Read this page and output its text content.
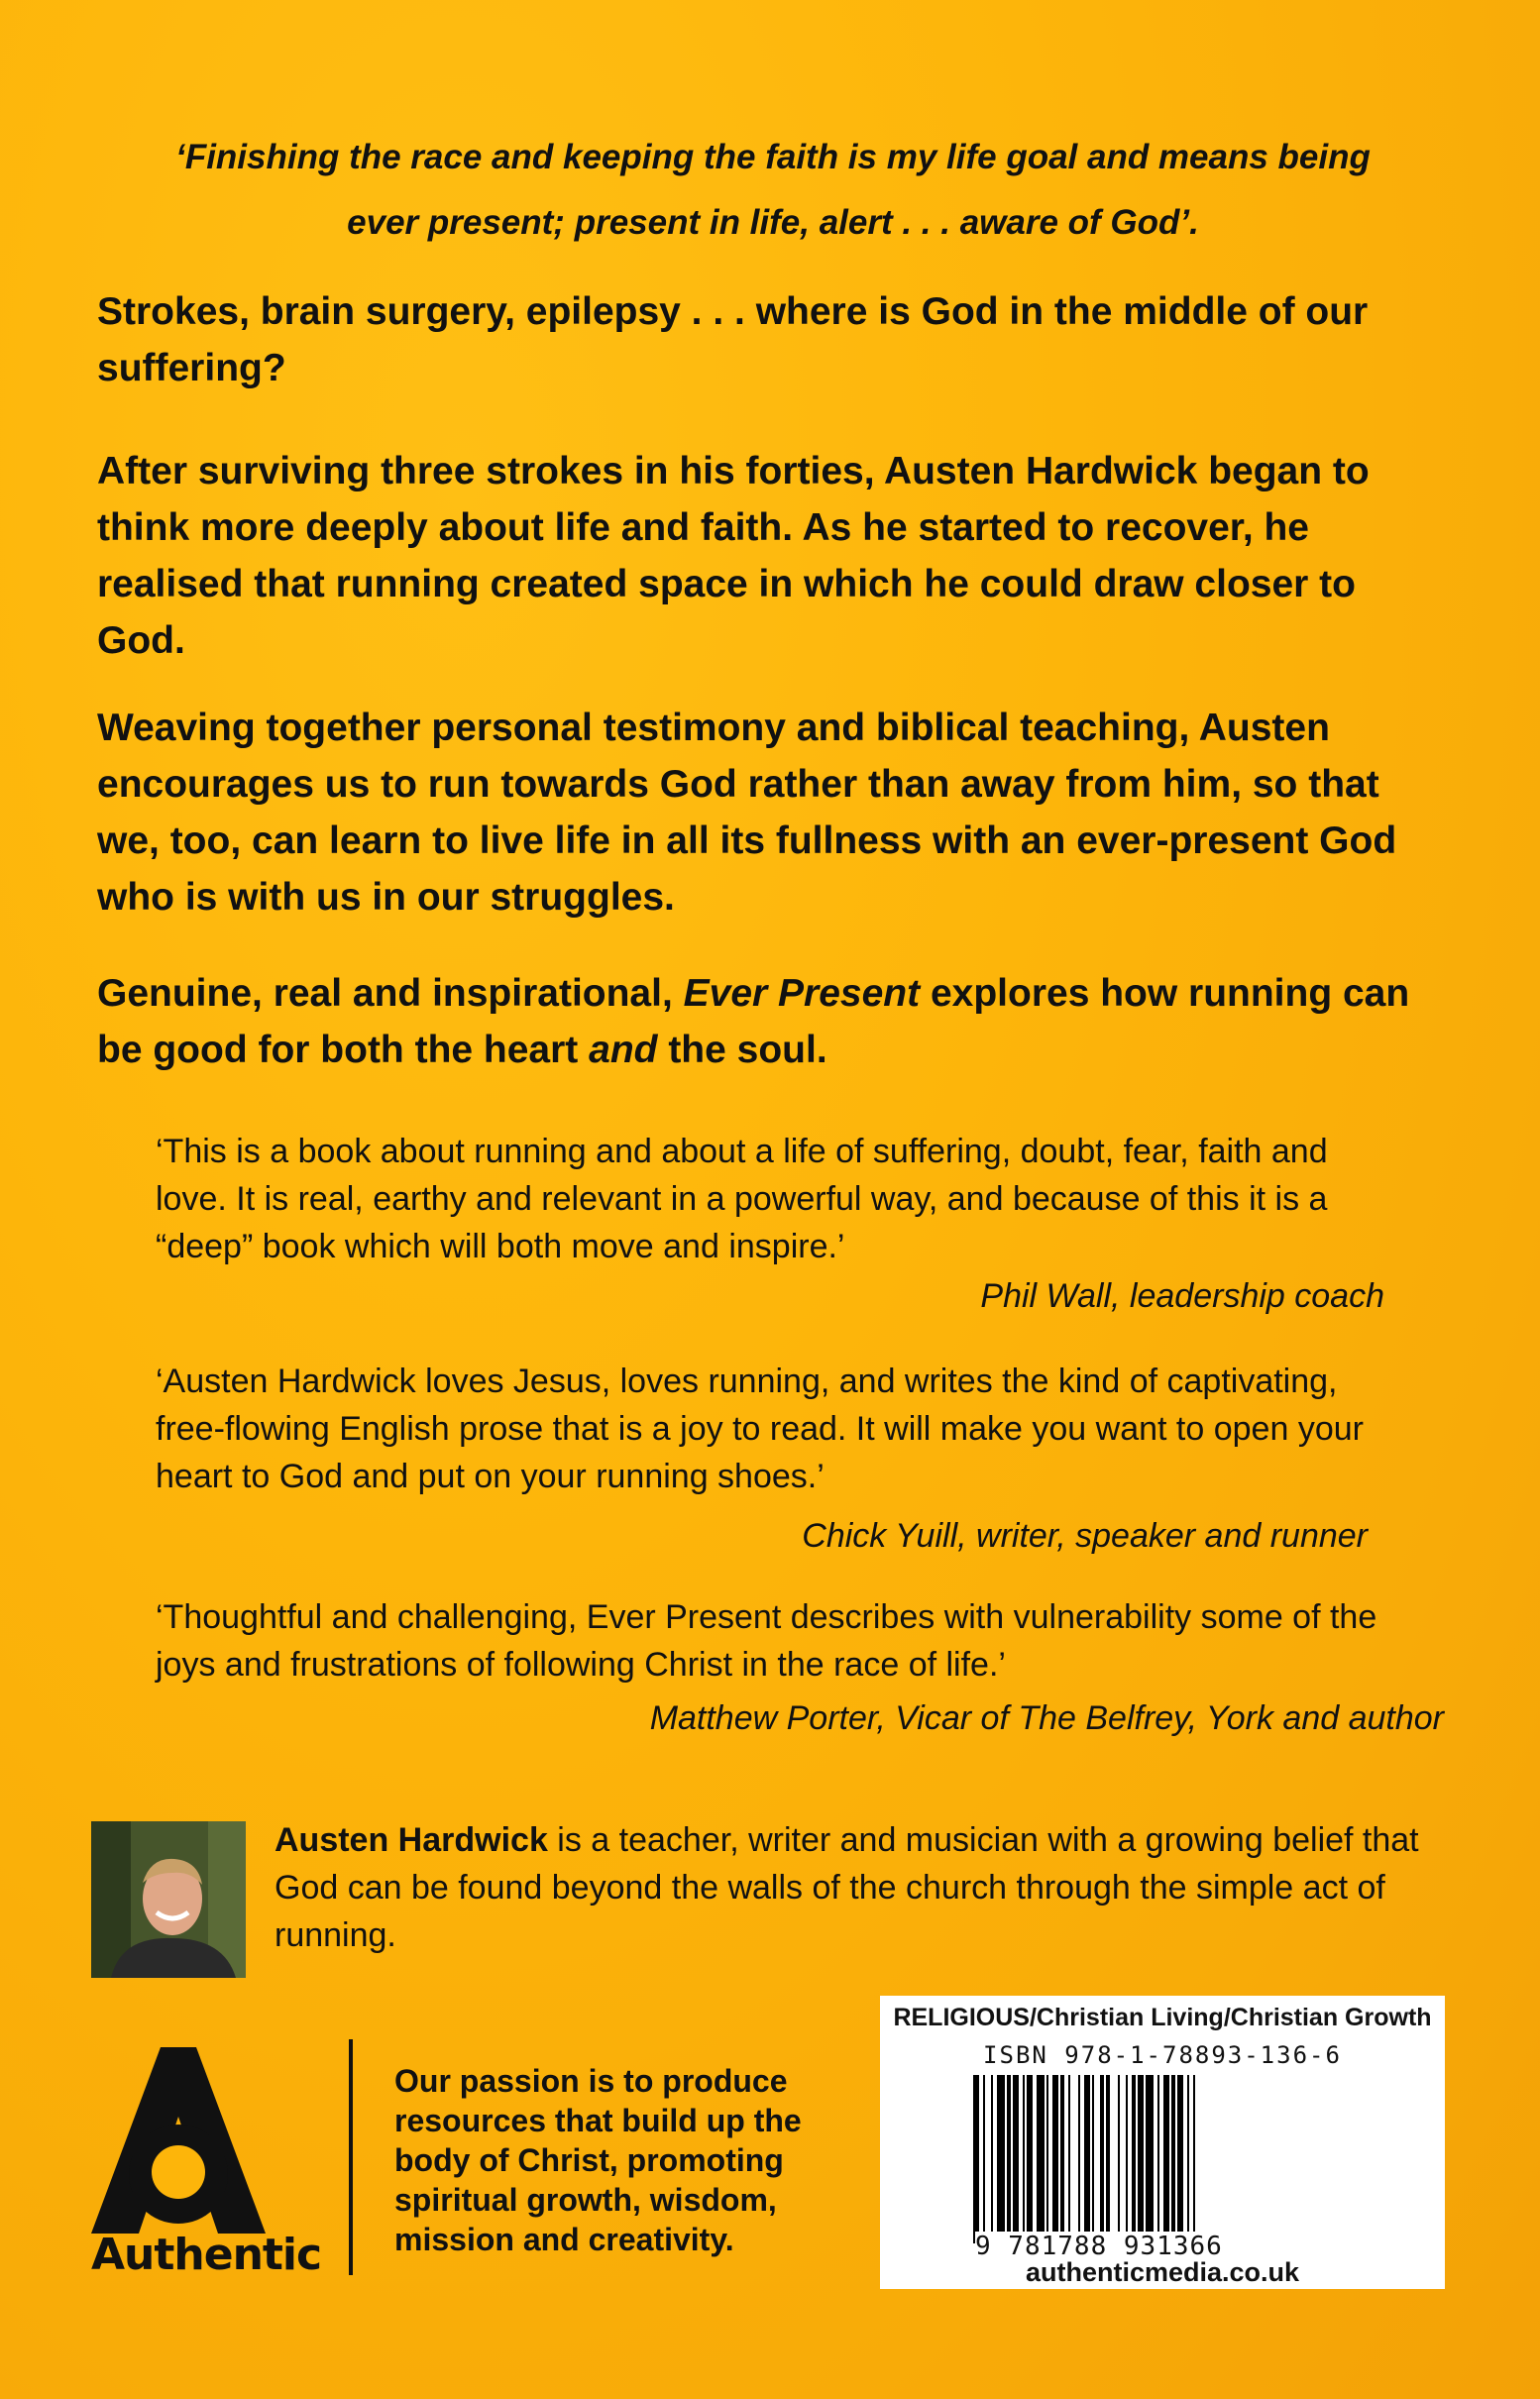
‘Finishing the race and keeping the faith is my life goal and means being
ever present; present in life, alert . . . aware of God’.

Strokes, brain surgery, epilepsy . . . where is God in the middle of our suffering?

After surviving three strokes in his forties, Austen Hardwick began to think more deeply about life and faith. As he started to recover, he realised that running created space in which he could draw closer to God.

Weaving together personal testimony and biblical teaching, Austen encourages us to run towards God rather than away from him, so that we, too, can learn to live life in all its fullness with an ever-present God who is with us in our struggles.

Genuine, real and inspirational, Ever Present explores how running can be good for both the heart and the soul.

‘This is a book about running and about a life of suffering, doubt, fear, faith and love. It is real, earthy and relevant in a powerful way, and because of this it is a “deep” book which will both move and inspire.’

Phil Wall, leadership coach

‘Austen Hardwick loves Jesus, loves running, and writes the kind of captivating, free-flowing English prose that is a joy to read. It will make you want to open your heart to God and put on your running shoes.’

Chick Yuill, writer, speaker and runner

‘Thoughtful and challenging, Ever Present describes with vulnerability some of the joys and frustrations of following Christ in the race of life.’

Matthew Porter, Vicar of The Belfrey, York and author

Austen Hardwick is a teacher, writer and musician with a growing belief that God can be found beyond the walls of the church through the simple act of running.

Authentic

Our passion is to produce resources that build up the body of Christ, promoting spiritual growth, wisdom, mission and creativity.

RELIGIOUS/Christian Living/Christian Growth
ISBN 978-1-78893-136-6
9 781788 931366
authenticmedia.co.uk
